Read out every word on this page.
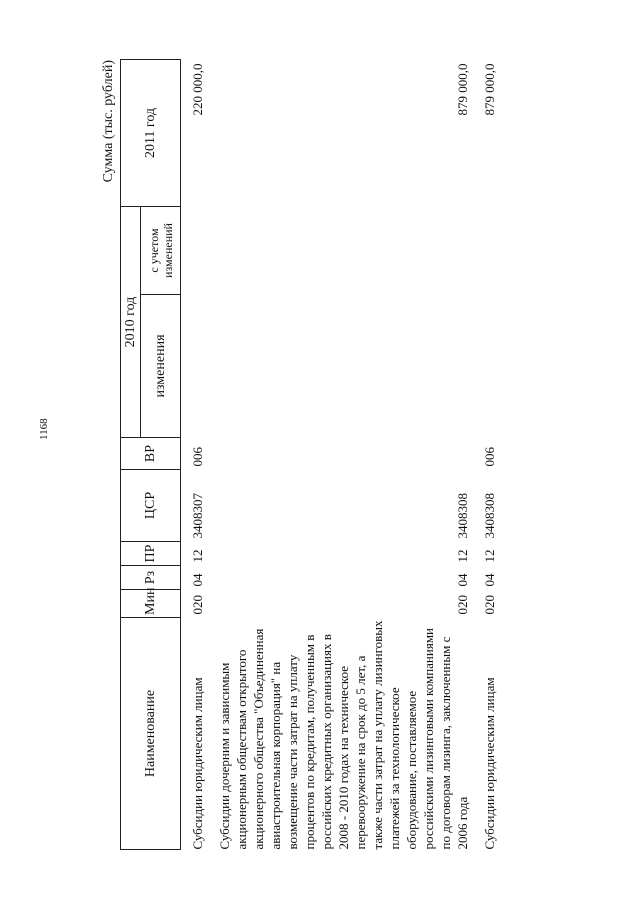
1168
Сумма (тыс. рублей)
Наименование	Мин	Рз	ПР	ЦСР	ВР	2010 год		2011 год
						изменения	с учетом изменений	
Субсидии юридическим лицам	020	04	12	3408307	006			220 000,0
Субсидии дочерним и зависимым акционерным обществам открытого акционерного общества "Объединенная авиастроительная корпорация" на возмещение части затрат на уплату процентов по кредитам, полученным в российских кредитных организациях в 2008 - 2010 годах на техническое перевооружение на срок до 5 лет, а также части затрат на уплату лизинговых платежей за технологическое оборудование, поставляемое российскими лизинговыми компаниями по договорам лизинга, заключенным с 2006 года	020	04	12	3408308				879 000,0
Субсидии юридическим лицам	020	04	12	3408308	006			879 000,0
